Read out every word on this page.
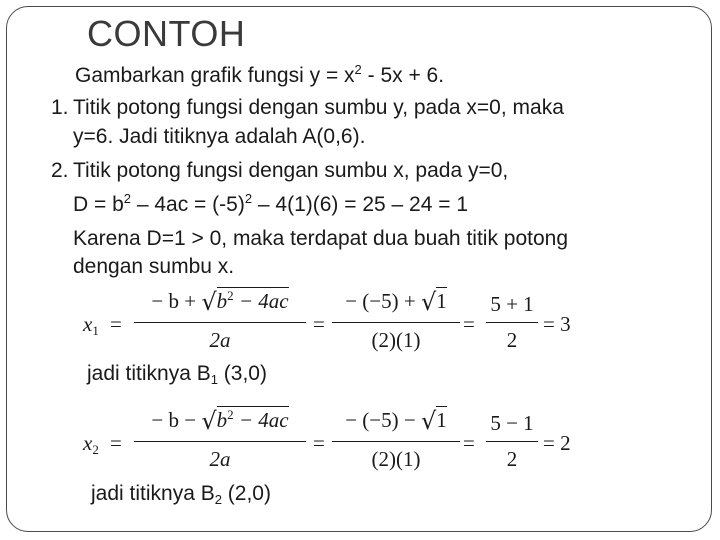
CONTOH
Gambarkan grafik fungsi $y = x^2 - 5x + 6$.
1. Titik potong fungsi dengan sumbu y, pada x=0, maka
y=6. Jadi titiknya adalah A(0,6).
2. Titik potong fungsi dengan sumbu x, pada y=0,
$D = b^2 - 4ac = (-5)^2 - 4(1)(6) = 25 - 24 = 1$
Karena D=1 > 0, maka terdapat dua buah titik potong
dengan sumbu x.
$x_1$ =
− $b + √b^2 - 4ac$
2a
=
− (−5) + √1
(2)(1)
=
5 + 1
2
= 3
jadi titiknya $B_1$ (3,0)
$x_2$ =
− $b - √b^2 - 4ac$
2a
=
− (−5) − √1
(2)(1)
=
5 − 1
2
= 2
jadi titiknya $B_2$ (2,0)
